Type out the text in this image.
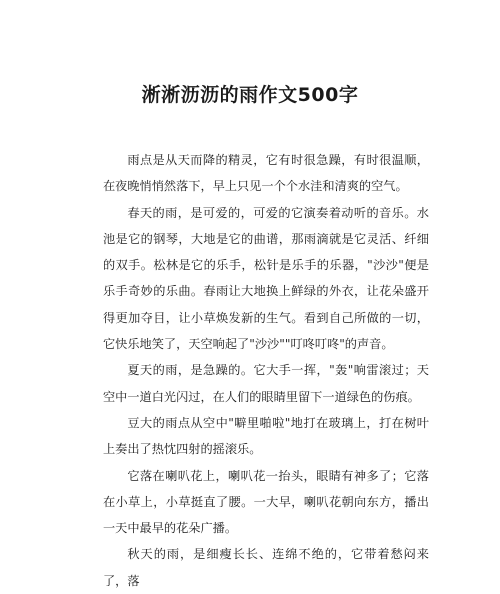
淅淅沥沥的雨作文500字

雨点是从天而降的精灵，它有时很急躁，有时很温顺，在夜晚悄悄然落下，早上只见一个个水洼和清爽的空气。

春天的雨，是可爱的，可爱的它演奏着动听的音乐。水池是它的钢琴，大地是它的曲谱，那雨滴就是它灵活、纤细的双手。松林是它的乐手，松针是乐手的乐器，"沙沙"便是乐手奇妙的乐曲。春雨让大地换上鲜绿的外衣，让花朵盛开得更加夺目，让小草焕发新的生气。看到自己所做的一切，它快乐地笑了，天空响起了"沙沙""叮咚叮咚"的声音。

夏天的雨，是急躁的。它大手一挥，"轰"响雷滚过；天空中一道白光闪过，在人们的眼睛里留下一道绿色的伤痕。

豆大的雨点从空中"噼里啪啦"地打在玻璃上，打在树叶上奏出了热忱四射的摇滚乐。

它落在喇叭花上，喇叭花一抬头，眼睛有神多了；它落在小草上，小草挺直了腰。一大早，喇叭花朝向东方，播出一天中最早的花朵广播。

秋天的雨，是细瘦长长、连绵不绝的，它带着愁闷来了，落
